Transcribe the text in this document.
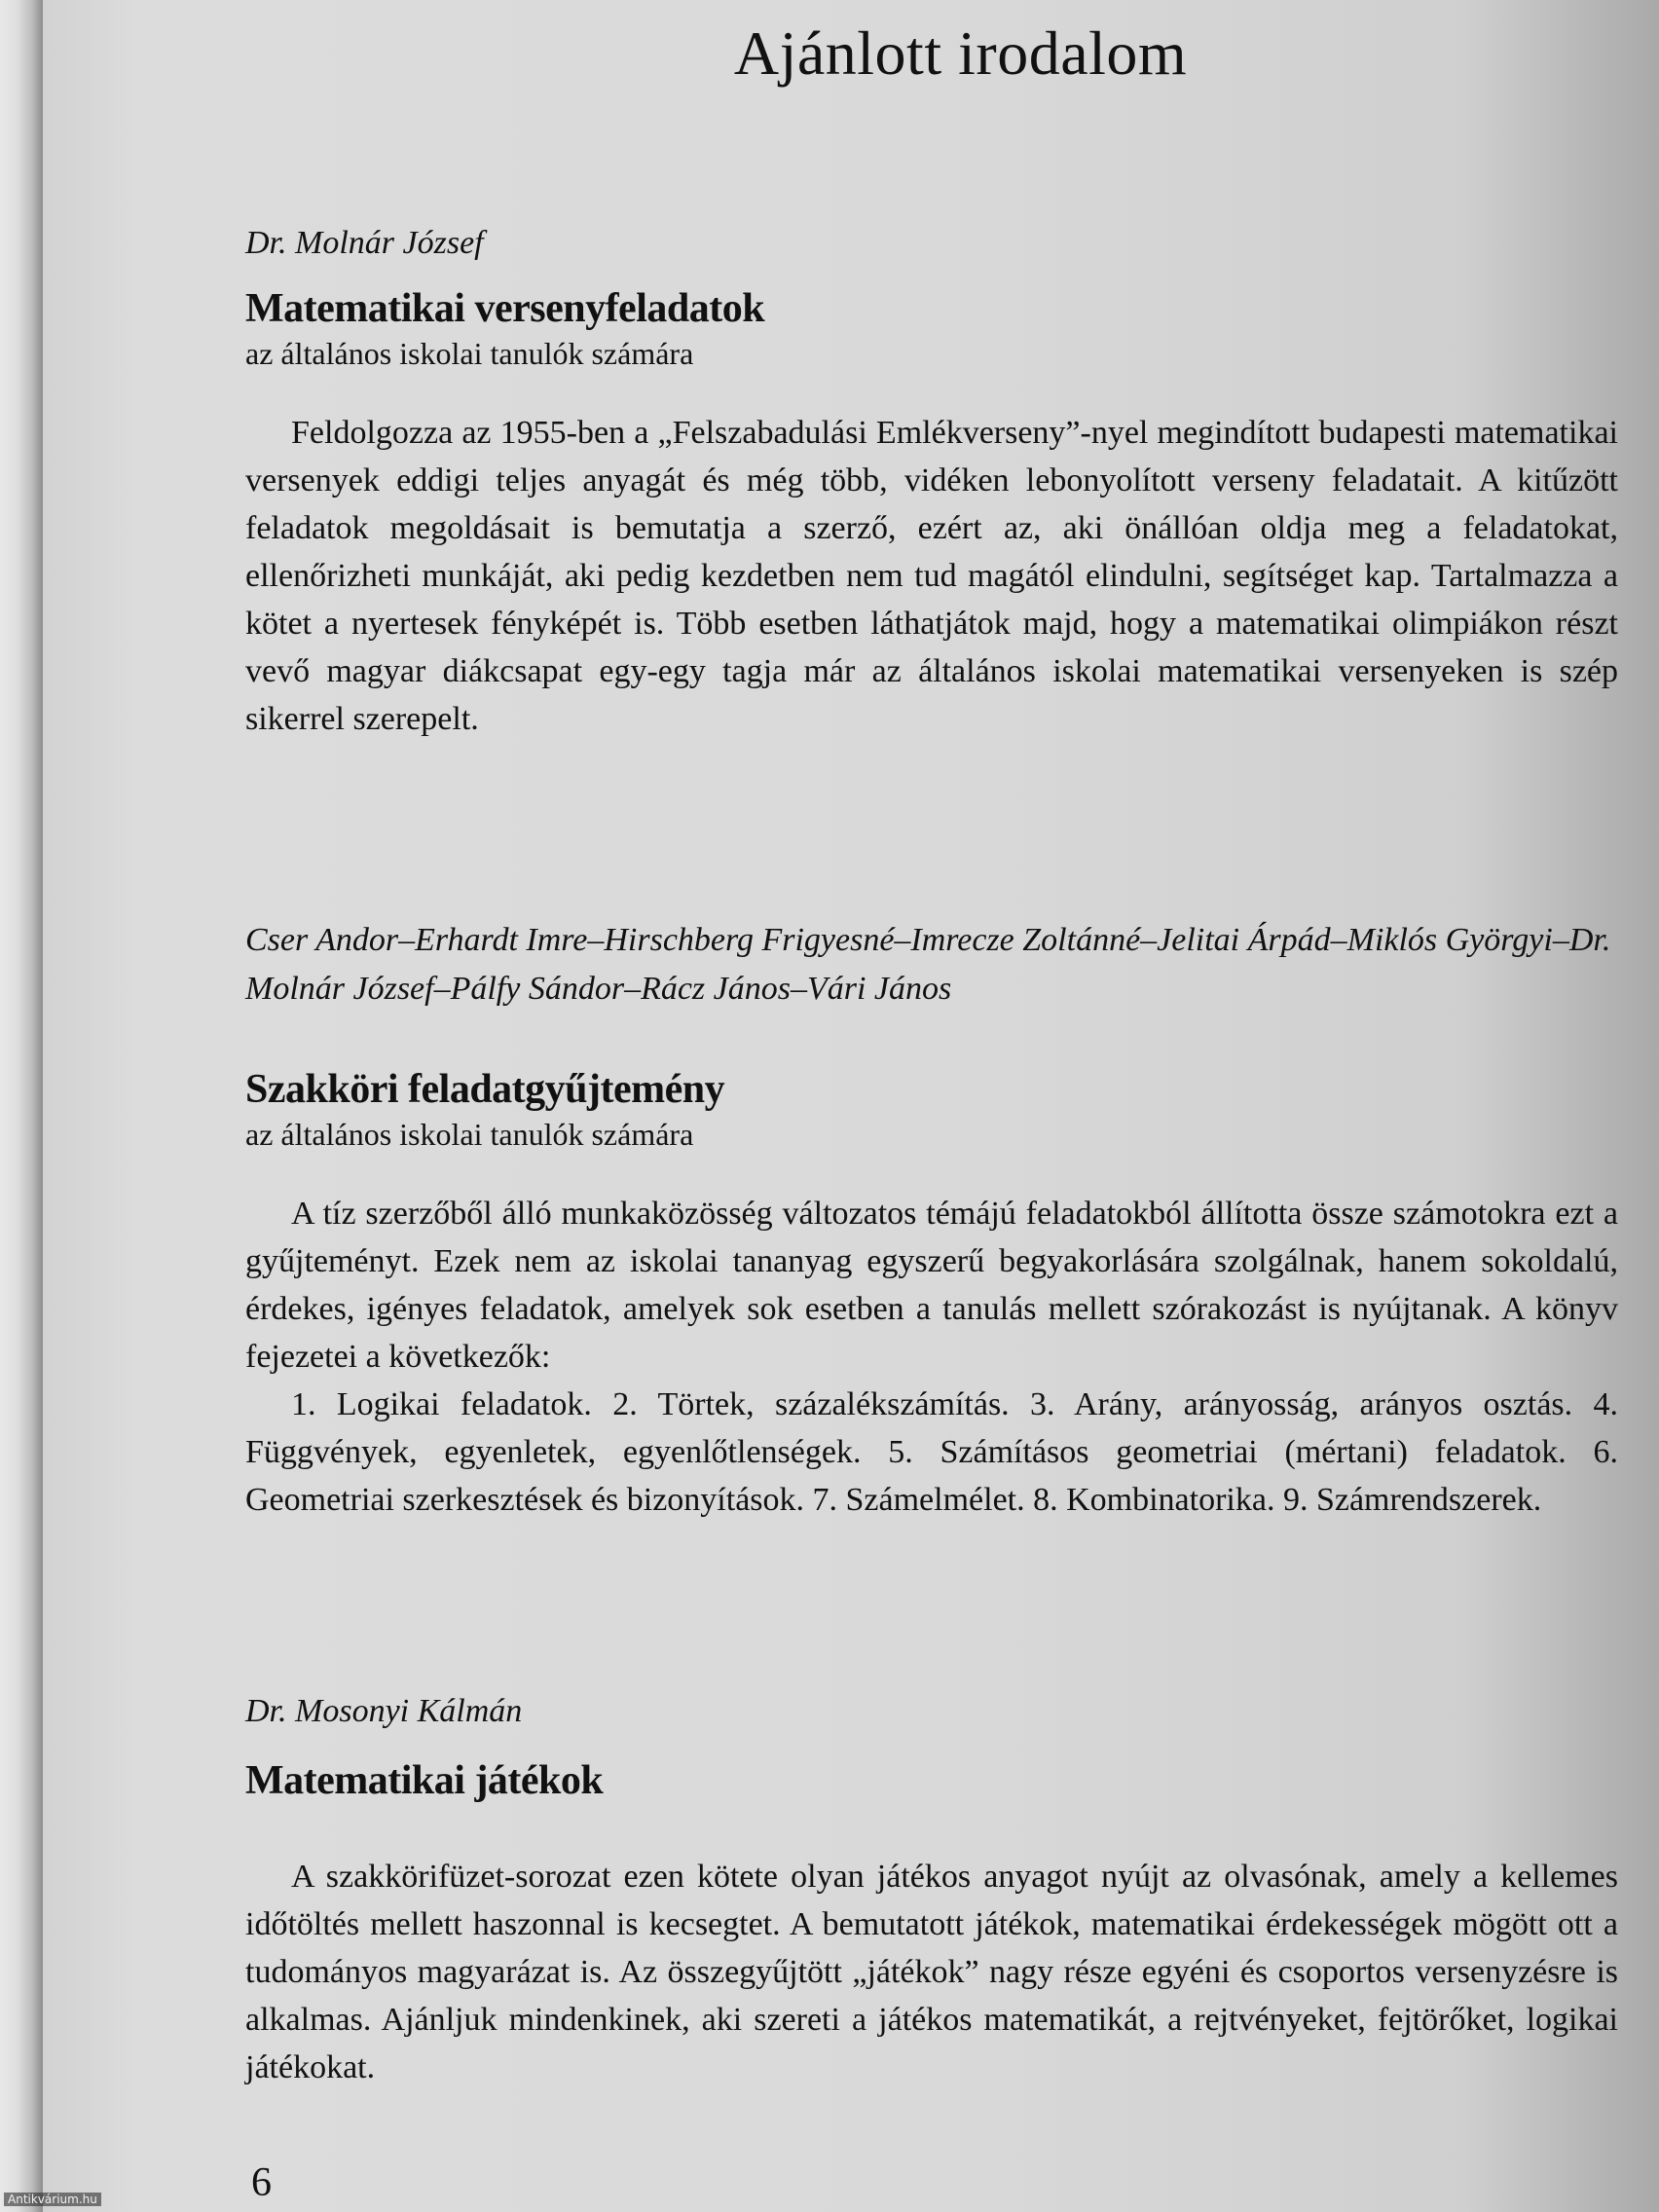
Ajánlott irodalom

Dr. Molnár József

Matematikai versenyfeladatok

az általános iskolai tanulók számára

Feldolgozza az 1955-ben a „Felszabadulási Emlékverseny”-nyel megindított budapesti matematikai versenyek eddigi teljes anyagát és még több, vidéken lebonyolított verseny feladatait. A kitűzött feladatok megoldásait is bemutatja a szerző, ezért az, aki önállóan oldja meg a feladatokat, ellenőrizheti munkáját, aki pedig kezdetben nem tud magától elindulni, segítséget kap. Tartalmazza a kötet a nyertesek fényképét is. Több esetben láthatjátok majd, hogy a matematikai olimpiákon részt vevő magyar diákcsapat egy-egy tagja már az általános iskolai matematikai versenyeken is szép sikerrel szerepelt.

Cser Andor–Erhardt Imre–Hirschberg Frigyesné–Imrecze Zoltánné–Jelitai Árpád–Miklós Györgyi–Dr. Molnár József–Pálfy Sándor–Rácz János–Vári János

Szakköri feladatgyűjtemény

az általános iskolai tanulók számára

A tíz szerzőből álló munkaközösség változatos témájú feladatokból állította össze számotokra ezt a gyűjteményt. Ezek nem az iskolai tananyag egyszerű begyakorlására szolgálnak, hanem sokoldalú, érdekes, igényes feladatok, amelyek sok esetben a tanulás mellett szórakozást is nyújtanak. A könyv fejezetei a következők:

1. Logikai feladatok. 2. Törtek, százalékszámítás. 3. Arány, arányosság, arányos osztás. 4. Függvények, egyenletek, egyenlőtlenségek. 5. Számításos geometriai (mértani) feladatok. 6. Geometriai szerkesztések és bizonyítások. 7. Számelmélet. 8. Kombinatorika. 9. Számrendszerek.

Dr. Mosonyi Kálmán

Matematikai játékok

A szakkörifüzet-sorozat ezen kötete olyan játékos anyagot nyújt az olvasónak, amely a kellemes időtöltés mellett haszonnal is kecsegtet. A bemutatott játékok, matematikai érdekességek mögött ott a tudományos magyarázat is. Az összegyűjtött „játékok” nagy része egyéni és csoportos versenyzésre is alkalmas. Ajánljuk mindenkinek, aki szereti a játékos matematikát, a rejtvényeket, fejtörőket, logikai játékokat.

6

Antikvárium.hu
